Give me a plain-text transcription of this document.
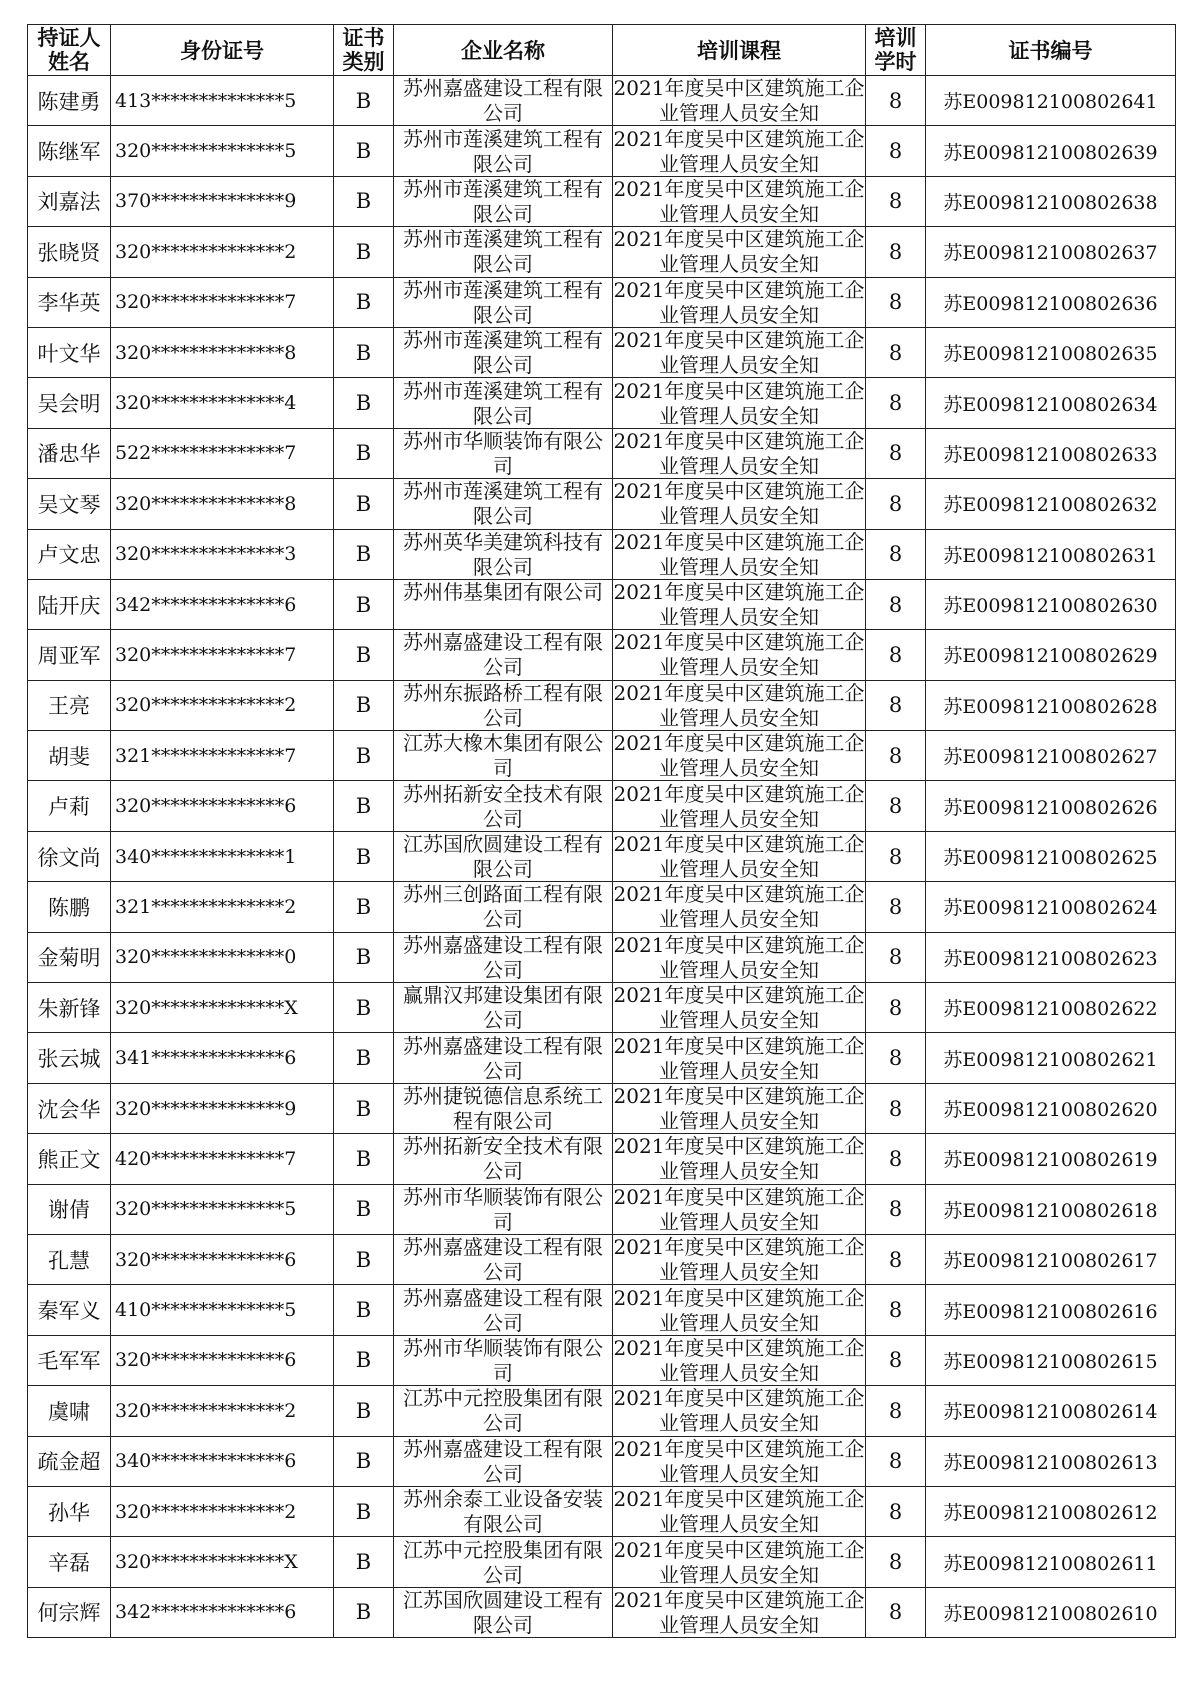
持证人姓名	身份证号	证书类别	企业名称	培训课程	培训学时	证书编号
陈建勇	413**************5	B	苏州嘉盛建设工程有限公司	2021年度吴中区建筑施工企业管理人员安全知	8	苏E009812100802641
陈继军	320**************5	B	苏州市莲溪建筑工程有限公司	2021年度吴中区建筑施工企业管理人员安全知	8	苏E009812100802639
刘嘉法	370**************9	B	苏州市莲溪建筑工程有限公司	2021年度吴中区建筑施工企业管理人员安全知	8	苏E009812100802638
张晓贤	320**************2	B	苏州市莲溪建筑工程有限公司	2021年度吴中区建筑施工企业管理人员安全知	8	苏E009812100802637
李华英	320**************7	B	苏州市莲溪建筑工程有限公司	2021年度吴中区建筑施工企业管理人员安全知	8	苏E009812100802636
叶文华	320**************8	B	苏州市莲溪建筑工程有限公司	2021年度吴中区建筑施工企业管理人员安全知	8	苏E009812100802635
吴会明	320**************4	B	苏州市莲溪建筑工程有限公司	2021年度吴中区建筑施工企业管理人员安全知	8	苏E009812100802634
潘忠华	522**************7	B	苏州市华顺装饰有限公司	2021年度吴中区建筑施工企业管理人员安全知	8	苏E009812100802633
吴文琴	320**************8	B	苏州市莲溪建筑工程有限公司	2021年度吴中区建筑施工企业管理人员安全知	8	苏E009812100802632
卢文忠	320**************3	B	苏州英华美建筑科技有限公司	2021年度吴中区建筑施工企业管理人员安全知	8	苏E009812100802631
陆开庆	342**************6	B	苏州伟基集团有限公司	2021年度吴中区建筑施工企业管理人员安全知	8	苏E009812100802630
周亚军	320**************7	B	苏州嘉盛建设工程有限公司	2021年度吴中区建筑施工企业管理人员安全知	8	苏E009812100802629
王亮	320**************2	B	苏州东振路桥工程有限公司	2021年度吴中区建筑施工企业管理人员安全知	8	苏E009812100802628
胡斐	321**************7	B	江苏大橡木集团有限公司	2021年度吴中区建筑施工企业管理人员安全知	8	苏E009812100802627
卢莉	320**************6	B	苏州拓新安全技术有限公司	2021年度吴中区建筑施工企业管理人员安全知	8	苏E009812100802626
徐文尚	340**************1	B	江苏国欣圆建设工程有限公司	2021年度吴中区建筑施工企业管理人员安全知	8	苏E009812100802625
陈鹏	321**************2	B	苏州三创路面工程有限公司	2021年度吴中区建筑施工企业管理人员安全知	8	苏E009812100802624
金菊明	320**************0	B	苏州嘉盛建设工程有限公司	2021年度吴中区建筑施工企业管理人员安全知	8	苏E009812100802623
朱新锋	320**************X	B	赢鼎汉邦建设集团有限公司	2021年度吴中区建筑施工企业管理人员安全知	8	苏E009812100802622
张云城	341**************6	B	苏州嘉盛建设工程有限公司	2021年度吴中区建筑施工企业管理人员安全知	8	苏E009812100802621
沈会华	320**************9	B	苏州捷锐德信息系统工程有限公司	2021年度吴中区建筑施工企业管理人员安全知	8	苏E009812100802620
熊正文	420**************7	B	苏州拓新安全技术有限公司	2021年度吴中区建筑施工企业管理人员安全知	8	苏E009812100802619
谢倩	320**************5	B	苏州市华顺装饰有限公司	2021年度吴中区建筑施工企业管理人员安全知	8	苏E009812100802618
孔慧	320**************6	B	苏州嘉盛建设工程有限公司	2021年度吴中区建筑施工企业管理人员安全知	8	苏E009812100802617
秦军义	410**************5	B	苏州嘉盛建设工程有限公司	2021年度吴中区建筑施工企业管理人员安全知	8	苏E009812100802616
毛军军	320**************6	B	苏州市华顺装饰有限公司	2021年度吴中区建筑施工企业管理人员安全知	8	苏E009812100802615
虞啸	320**************2	B	江苏中元控股集团有限公司	2021年度吴中区建筑施工企业管理人员安全知	8	苏E009812100802614
疏金超	340**************6	B	苏州嘉盛建设工程有限公司	2021年度吴中区建筑施工企业管理人员安全知	8	苏E009812100802613
孙华	320**************2	B	苏州余泰工业设备安装有限公司	2021年度吴中区建筑施工企业管理人员安全知	8	苏E009812100802612
辛磊	320**************X	B	江苏中元控股集团有限公司	2021年度吴中区建筑施工企业管理人员安全知	8	苏E009812100802611
何宗辉	342**************6	B	江苏国欣圆建设工程有限公司	2021年度吴中区建筑施工企业管理人员安全知	8	苏E009812100802610
